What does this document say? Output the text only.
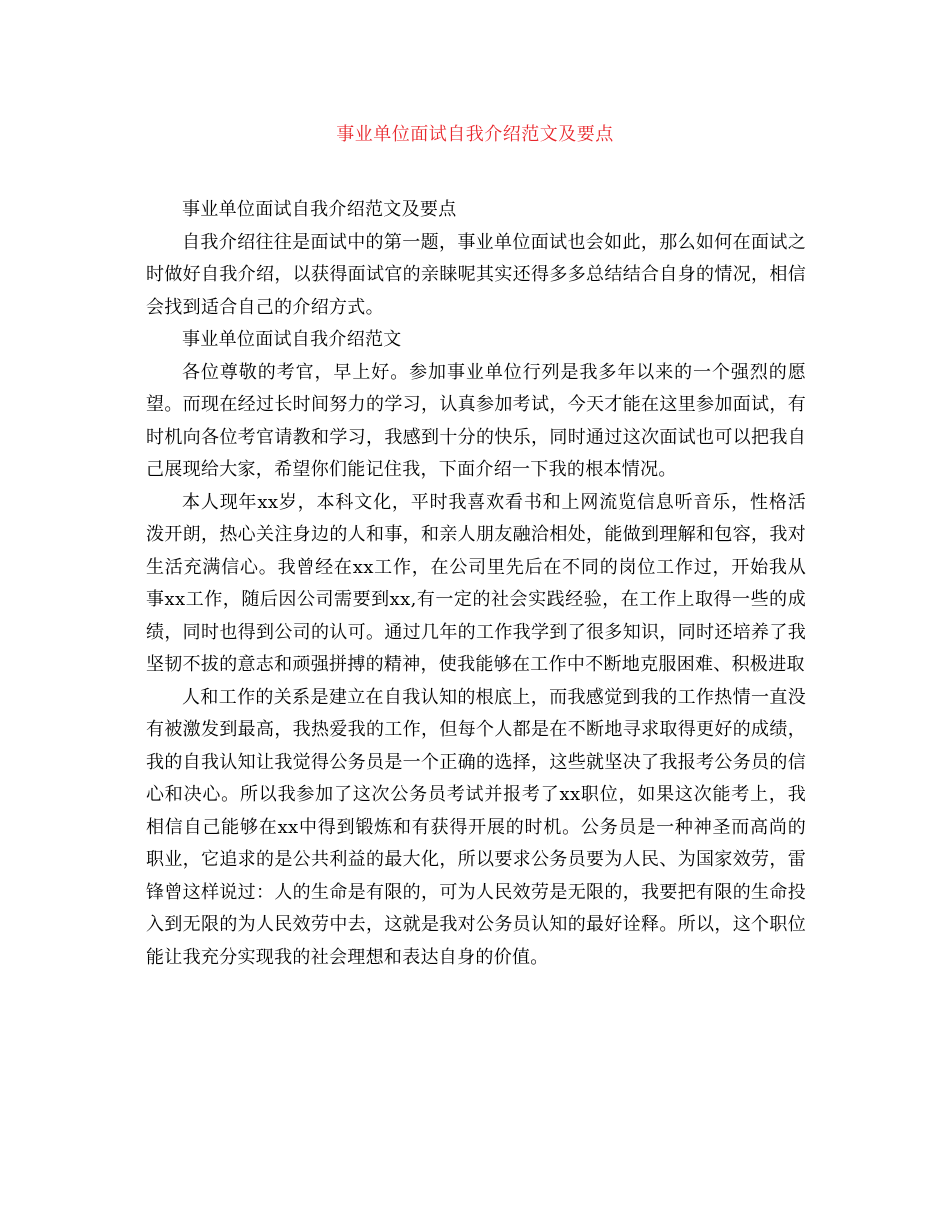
事业单位面试自我介绍范文及要点

事业单位面试自我介绍范文及要点

自我介绍往往是面试中的第一题，事业单位面试也会如此，那么如何在面试之时做好自我介绍，以获得面试官的亲睐呢其实还得多多总结结合自身的情况，相信会找到适合自己的介绍方式。

事业单位面试自我介绍范文

各位尊敬的考官，早上好。参加事业单位行列是我多年以来的一个强烈的愿望。而现在经过长时间努力的学习，认真参加考试，今天才能在这里参加面试，有时机向各位考官请教和学习，我感到十分的快乐，同时通过这次面试也可以把我自己展现给大家，希望你们能记住我，下面介绍一下我的根本情况。

本人现年xx岁，本科文化，平时我喜欢看书和上网流览信息听音乐，性格活泼开朗，热心关注身边的人和事，和亲人朋友融洽相处，能做到理解和包容，我对生活充满信心。我曾经在xx工作，在公司里先后在不同的岗位工作过，开始我从事xx工作，随后因公司需要到xx,有一定的社会实践经验，在工作上取得一些的成绩，同时也得到公司的认可。通过几年的工作我学到了很多知识，同时还培养了我坚韧不拔的意志和顽强拼搏的精神，使我能够在工作中不断地克服困难、积极进取

人和工作的关系是建立在自我认知的根底上，而我感觉到我的工作热情一直没有被激发到最高，我热爱我的工作，但每个人都是在不断地寻求取得更好的成绩，我的自我认知让我觉得公务员是一个正确的选择，这些就坚决了我报考公务员的信心和决心。所以我参加了这次公务员考试并报考了xx职位，如果这次能考上，我相信自己能够在xx中得到锻炼和有获得开展的时机。公务员是一种神圣而高尚的职业，它追求的是公共利益的最大化，所以要求公务员要为人民、为国家效劳，雷锋曾这样说过：人的生命是有限的，可为人民效劳是无限的，我要把有限的生命投入到无限的为人民效劳中去，这就是我对公务员认知的最好诠释。所以，这个职位能让我充分实现我的社会理想和表达自身的价值。
